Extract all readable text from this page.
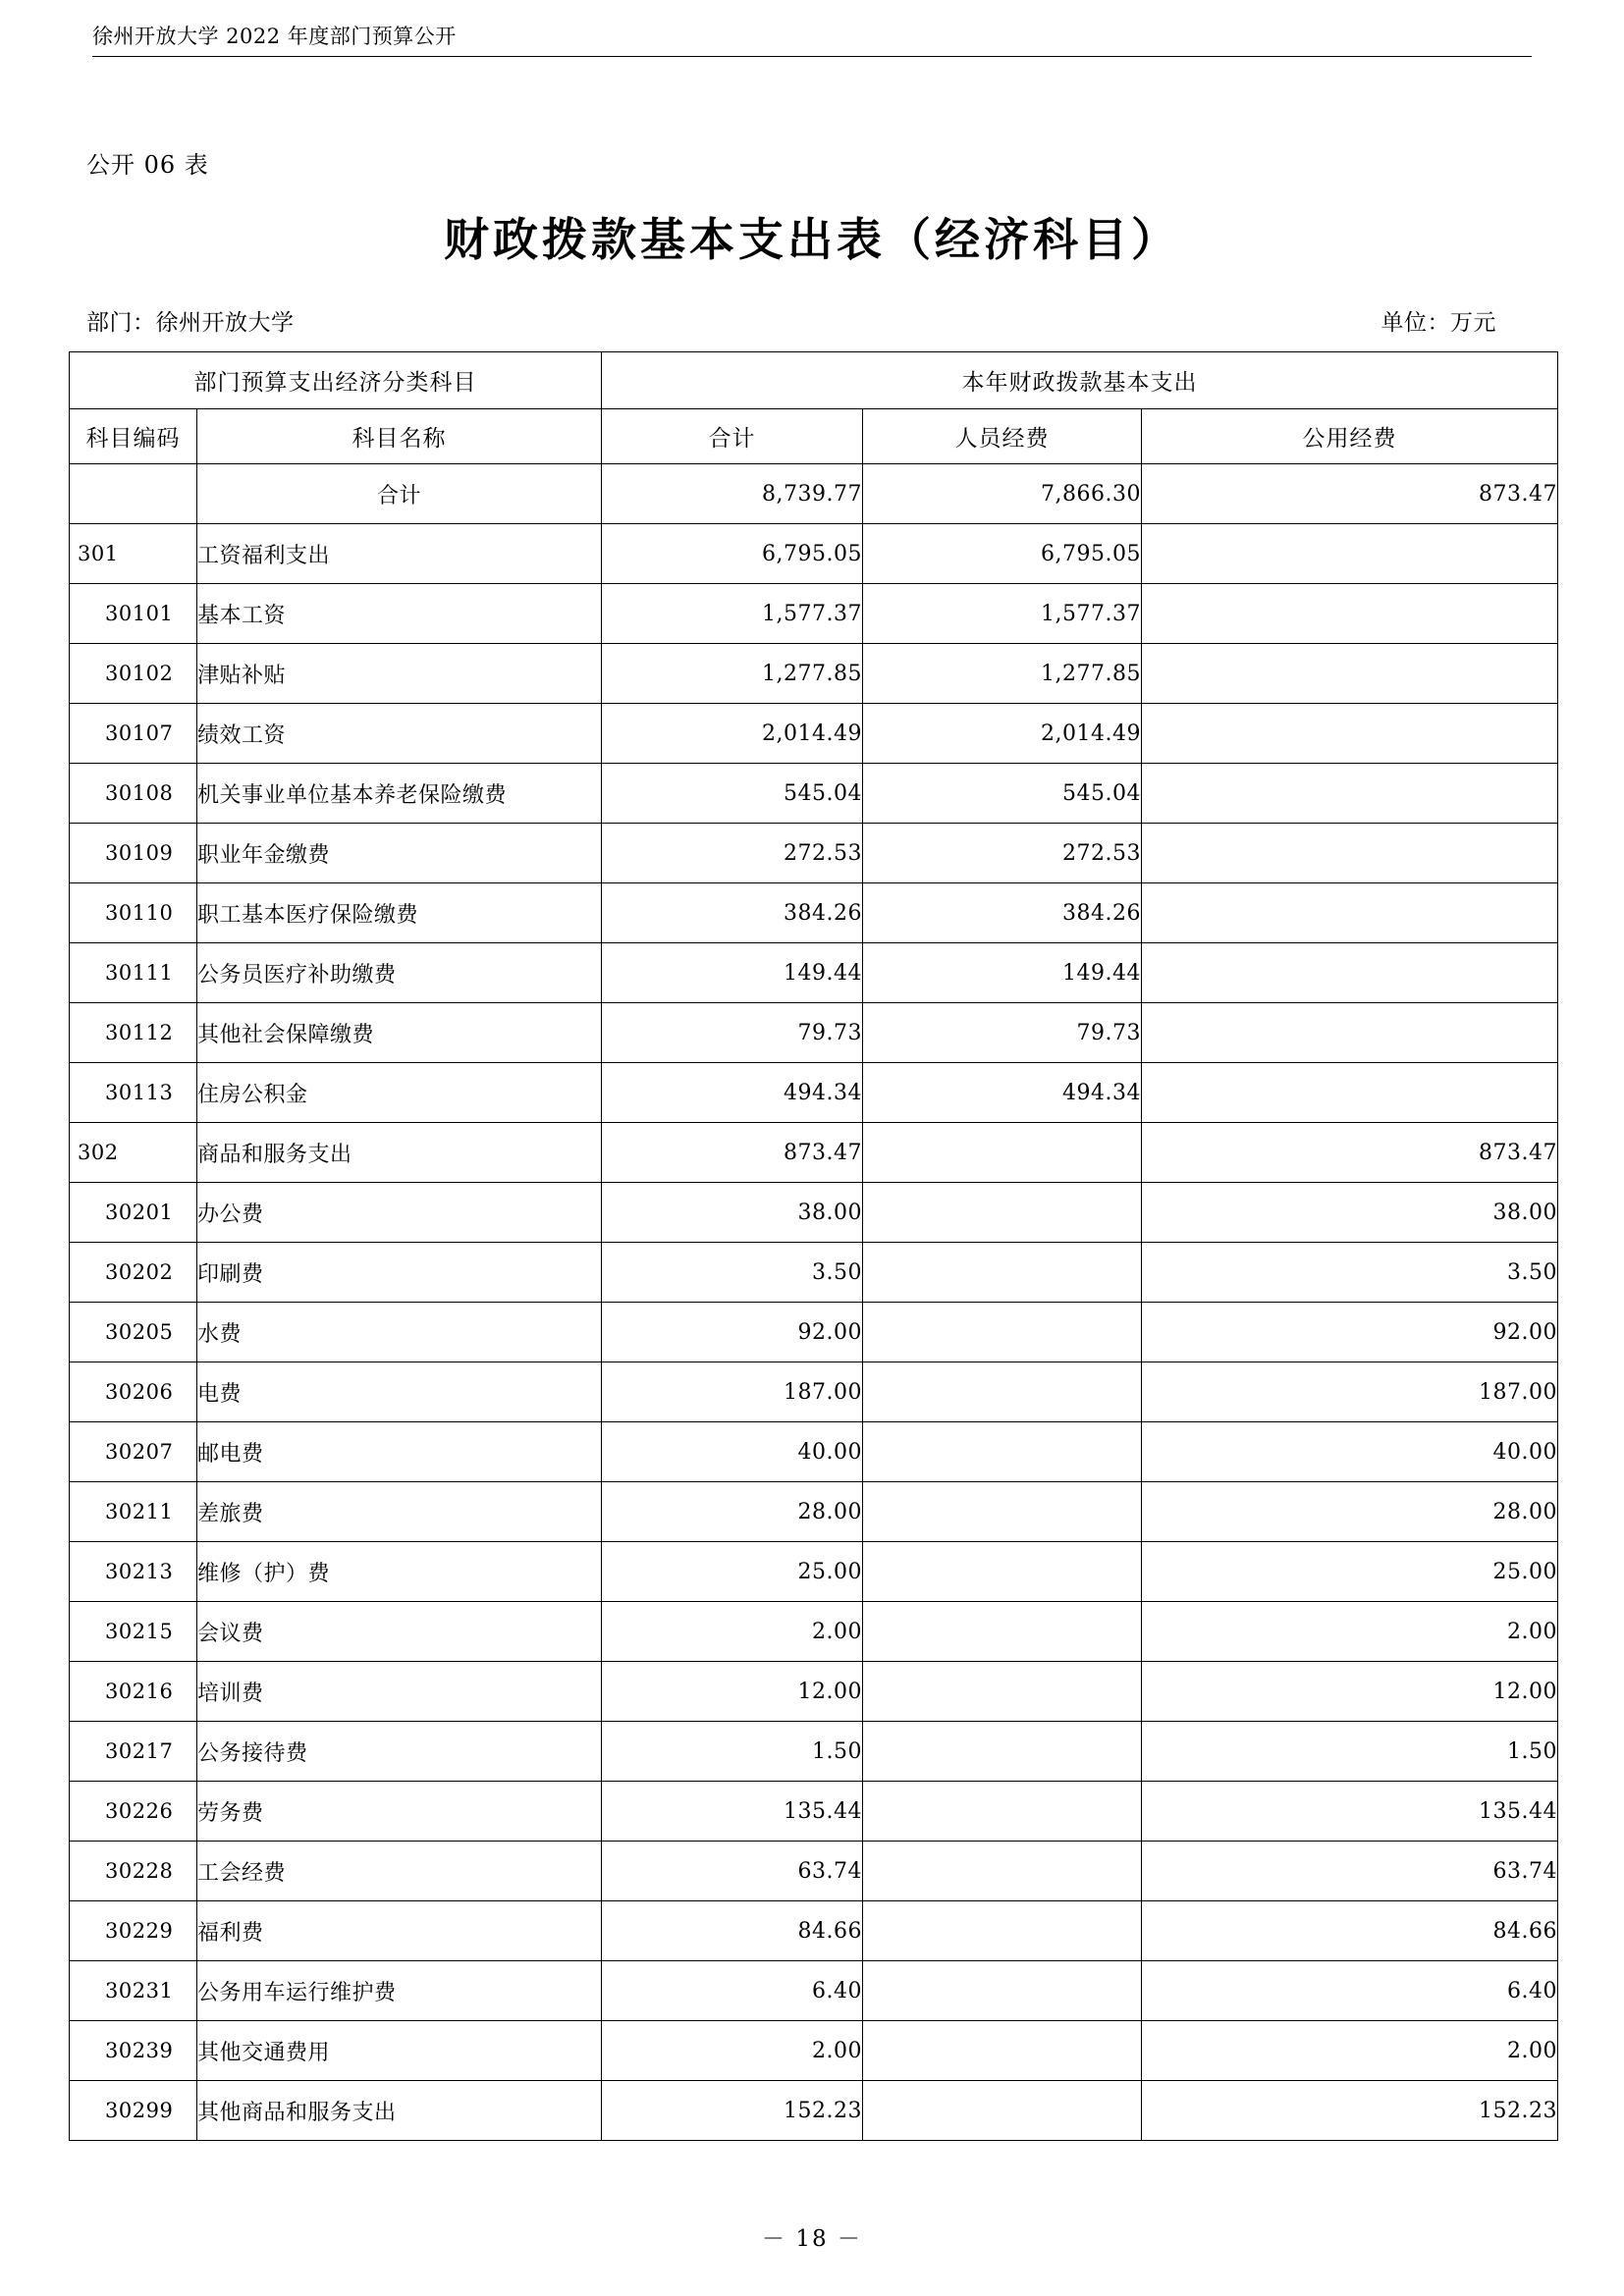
徐州开放大学 2022 年度部门预算公开
公开 06 表
财政拨款基本支出表（经济科目）
部门：徐州开放大学	单位：万元
部门预算支出经济分类科目		本年财政拨款基本支出		
科目编码	科目名称	合计	人员经费	公用经费
	合计	8,739.77	7,866.30	873.47
301	工资福利支出	6,795.05	6,795.05	
30101	基本工资	1,577.37	1,577.37	
30102	津贴补贴	1,277.85	1,277.85	
30107	绩效工资	2,014.49	2,014.49	
30108	机关事业单位基本养老保险缴费	545.04	545.04	
30109	职业年金缴费	272.53	272.53	
30110	职工基本医疗保险缴费	384.26	384.26	
30111	公务员医疗补助缴费	149.44	149.44	
30112	其他社会保障缴费	79.73	79.73	
30113	住房公积金	494.34	494.34	
302	商品和服务支出	873.47		873.47
30201	办公费	38.00		38.00
30202	印刷费	3.50		3.50
30205	水费	92.00		92.00
30206	电费	187.00		187.00
30207	邮电费	40.00		40.00
30211	差旅费	28.00		28.00
30213	维修（护）费	25.00		25.00
30215	会议费	2.00		2.00
30216	培训费	12.00		12.00
30217	公务接待费	1.50		1.50
30226	劳务费	135.44		135.44
30228	工会经费	63.74		63.74
30229	福利费	84.66		84.66
30231	公务用车运行维护费	6.40		6.40
30239	其他交通费用	2.00		2.00
30299	其他商品和服务支出	152.23		152.23
－ 18 －
